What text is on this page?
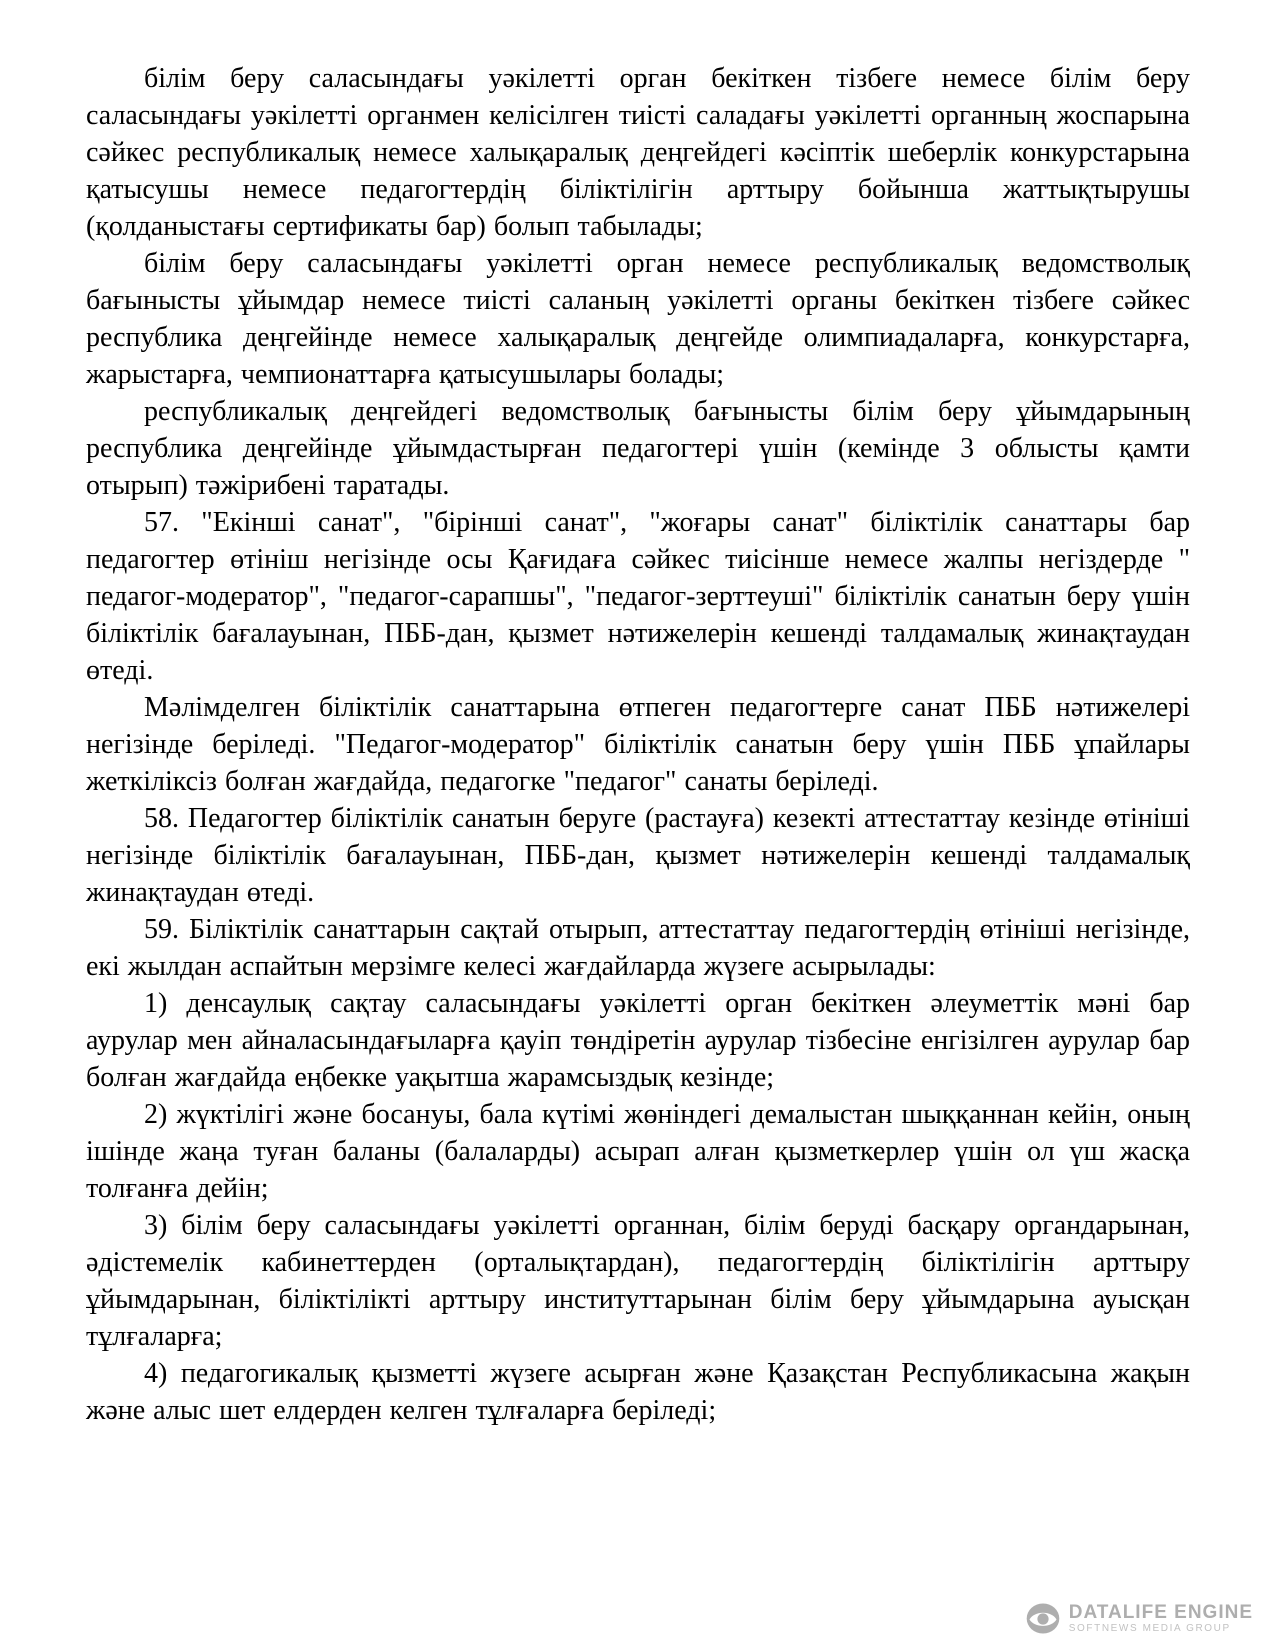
білім беру саласындағы уәкілетті орган бекіткен тізбеге немесе білім беру саласындағы уәкілетті органмен келісілген тиісті саладағы уәкілетті органның жоспарына сәйкес республикалық немесе халықаралық деңгейдегі кәсіптік шеберлік конкурстарына қатысушы немесе педагогтердің біліктілігін арттыру бойынша жаттықтырушы (қолданыстағы сертификаты бар) болып табылады;

білім беру саласындағы уәкілетті орган немесе республикалық ведомстволық бағынысты ұйымдар немесе тиісті саланың уәкілетті органы бекіткен тізбеге сәйкес республика деңгейінде немесе халықаралық деңгейде олимпиадаларға, конкурстарға, жарыстарға, чемпионаттарға қатысушылары болады;

республикалық деңгейдегі ведомстволық бағынысты білім беру ұйымдарының республика деңгейінде ұйымдастырған педагогтері үшін (кемінде 3 облысты қамти отырып) тәжірибені таратады.

57. "Екінші санат", "бірінші санат", "жоғары санат" біліктілік санаттары бар педагогтер өтініш негізінде осы Қағидаға сәйкес тиісінше немесе жалпы негіздерде " педагог-модератор", "педагог-сарапшы", "педагог-зерттеуші" біліктілік санатын беру үшін біліктілік бағалауынан, ПББ-дан, қызмет нәтижелерін кешенді талдамалық жинақтаудан өтеді.

Мәлімделген біліктілік санаттарына өтпеген педагогтерге санат ПББ нәтижелері негізінде беріледі. "Педагог-модератор" біліктілік санатын беру үшін ПББ ұпайлары жеткіліксіз болған жағдайда, педагогке "педагог" санаты беріледі.

58. Педагогтер біліктілік санатын беруге (растауға) кезекті аттестаттау кезінде өтініші негізінде біліктілік бағалауынан, ПББ-дан, қызмет нәтижелерін кешенді талдамалық жинақтаудан өтеді.

59. Біліктілік санаттарын сақтай отырып, аттестаттау педагогтердің өтініші негізінде, екі жылдан аспайтын мерзімге келесі жағдайларда жүзеге асырылады:

1) денсаулық сақтау саласындағы уәкілетті орган бекіткен әлеуметтік мәні бар аурулар мен айналасындағыларға қауіп төндіретін аурулар тізбесіне енгізілген аурулар бар болған жағдайда еңбекке уақытша жарамсыздық кезінде;

2) жүктілігі және босануы, бала күтімі жөніндегі демалыстан шыққаннан кейін, оның ішінде жаңа туған баланы (балаларды) асырап алған қызметкерлер үшін ол үш жасқа толғанға дейін;

3) білім беру саласындағы уәкілетті органнан, білім беруді басқару органдарынан, әдістемелік кабинеттерден (орталықтардан), педагогтердің біліктілігін арттыру ұйымдарынан, біліктілікті арттыру институттарынан білім беру ұйымдарына ауысқан тұлғаларға;

4) педагогикалық қызметті жүзеге асырған және Қазақстан Республикасына жақын және алыс шет елдерден келген тұлғаларға беріледі;

DATALIFE ENGINE
SOFTNEWS MEDIA GROUP
